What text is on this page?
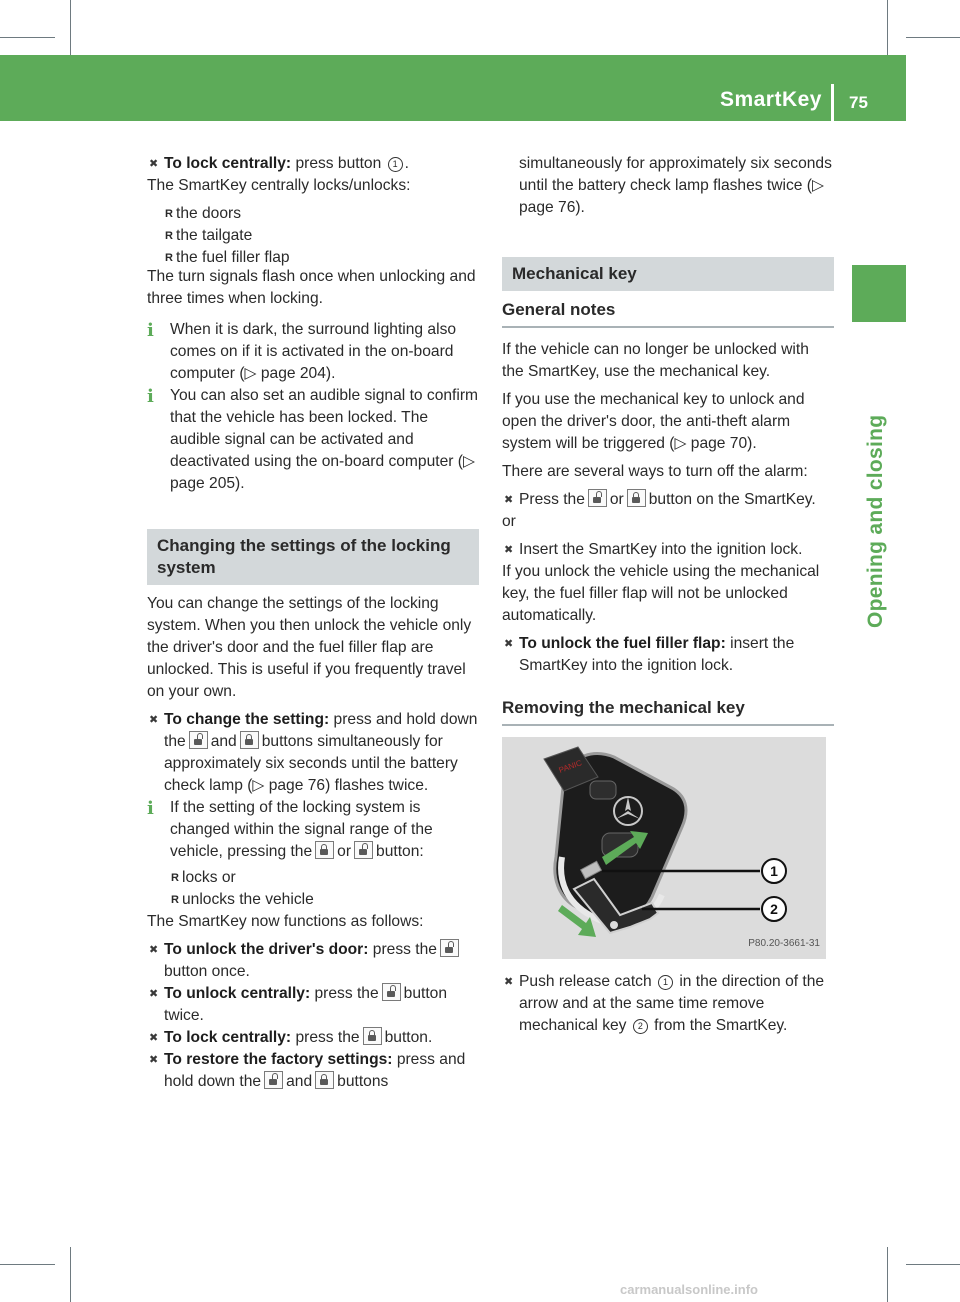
SmartKey 75
Opening and closing

✖ To lock centrally: press button 1 .

The SmartKey centrally locks/unlocks:

R the doors

R the tailgate

R the fuel filler flap

The turn signals flash once when unlocking and three times when locking.

i	When it is dark, the surround lighting also comes on if it is activated in the on-board computer (▷ page 204).

i	You can also set an audible signal to confirm that the vehicle has been locked. The audible signal can be activated and deactivated using the on-board computer (▷ page 205).

Changing the settings of the locking system

You can change the settings of the locking system. When you then unlock the vehicle only the driver's door and the fuel filler flap are unlocked. This is useful if you frequently travel on your own.

✖ To change the setting: press and hold down the and buttons simultaneously for approximately six seconds until the battery check lamp (▷ page 76) flashes twice.

i	If the setting of the locking system is changed within the signal range of the vehicle, pressing the or button:

R locks or

R unlocks the vehicle

The SmartKey now functions as follows:

✖ To unlock the driver's door: press thebutton once.

✖ To unlock centrally: press the button twice.

✖ To lock centrally: press the button.

✖ To restore the factory settings: press and hold down the and buttons

simultaneously for approximately six seconds until the battery check lamp flashes twice (▷ page 76).

Mechanical key
General notes

If the vehicle can no longer be unlocked with the SmartKey, use the mechanical key.

If you use the mechanical key to unlock and open the driver's door, the anti-theft alarm system will be triggered (▷ page 70).

There are several ways to turn off the alarm:

✖ Press the or button on the SmartKey.

or

✖ Insert the SmartKey into the ignition lock.

If you unlock the vehicle using the mechanical key, the fuel filler flap will not be unlocked automatically.

✖ To unlock the fuel filler flap: insert the SmartKey into the ignition lock.

Removing the mechanical key
PANIC
1
2
P80.20-3661-31

✖ Push release catch 1 in the direction of the arrow and at the same time remove mechanical key 2 from the SmartKey.

carmanualsonline.info
